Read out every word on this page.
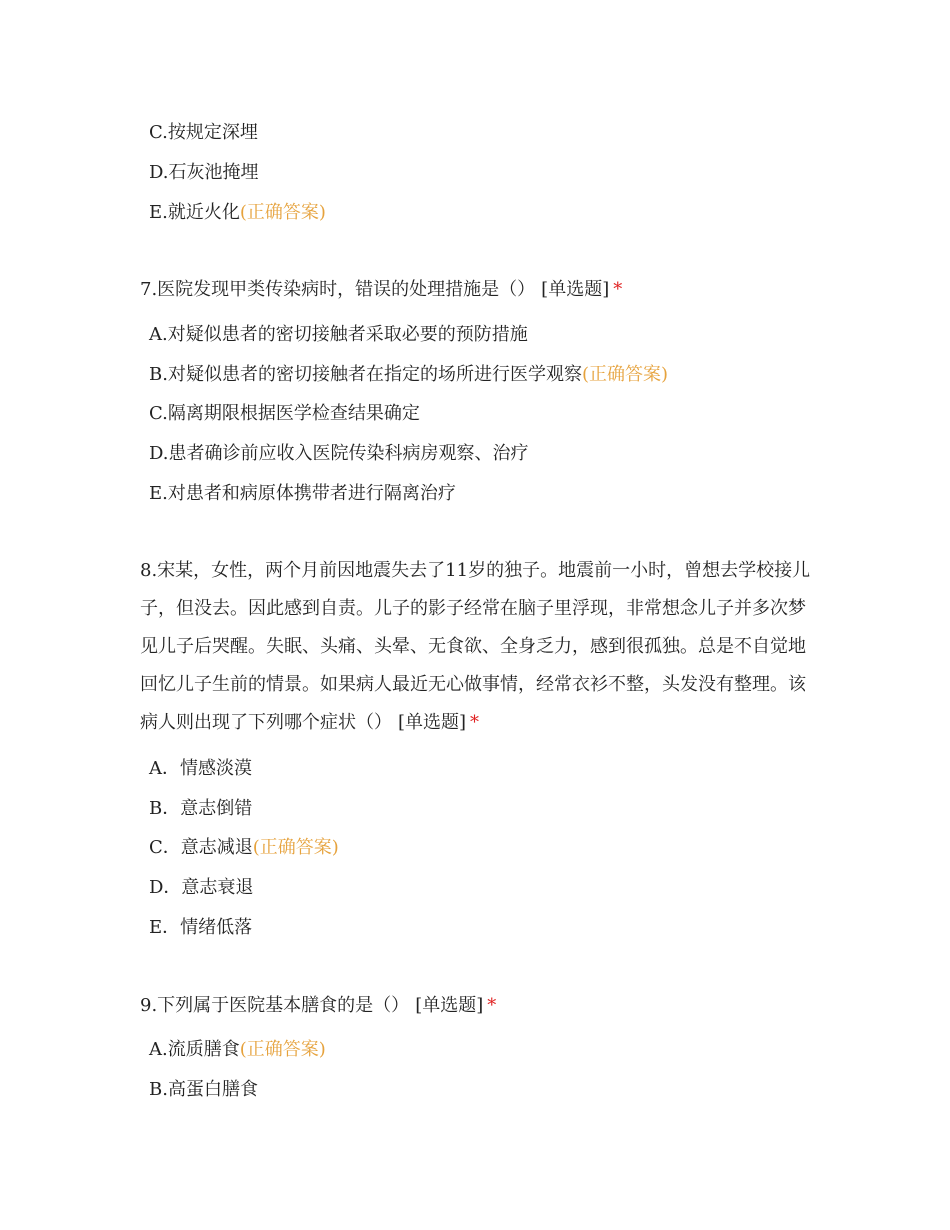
C.按规定深埋
D.石灰池掩埋
E.就近火化(正确答案)
7.医院发现甲类传染病时，错误的处理措施是（） [单选题] *
A.对疑似患者的密切接触者采取必要的预防措施
B.对疑似患者的密切接触者在指定的场所进行医学观察(正确答案)
C.隔离期限根据医学检查结果确定
D.患者确诊前应收入医院传染科病房观察、治疗
E.对患者和病原体携带者进行隔离治疗
8.宋某，女性，两个月前因地震失去了11岁的独子。地震前一小时，曾想去学校接儿子，但没去。因此感到自责。儿子的影子经常在脑子里浮现，非常想念儿子并多次梦见儿子后哭醒。失眠、头痛、头晕、无食欲、全身乏力，感到很孤独。总是不自觉地回忆儿子生前的情景。如果病人最近无心做事情，经常衣衫不整，头发没有整理。该病人则出现了下列哪个症状（） [单选题] *
A．情感淡漠
B．意志倒错
C．意志减退(正确答案)
D．意志衰退
E．情绪低落
9.下列属于医院基本膳食的是（） [单选题] *
A.流质膳食(正确答案)
B.高蛋白膳食
